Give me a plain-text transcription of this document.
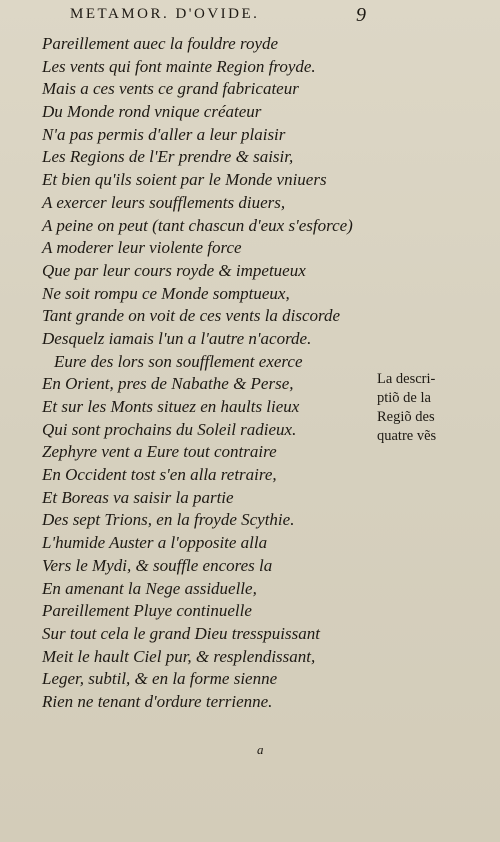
METAMOR. D'OVIDE.	9
Pareillement auec la fouldre royde
Les vents qui font mainte Region froyde.
Mais a ces vents ce grand fabricateur
Du Monde rond vnique créateur
N'a pas permis d'aller a leur plaisir
Les Regions de l'Er prendre & saisir,
Et bien qu'ils soient par le Monde vniuers
A exercer leurs soufflements diuers,
A peine on peut (tant chascun d'eux s'esforce)
A moderer leur violente force
Que par leur cours royde & impetueux
Ne soit rompu ce Monde somptueux,
Tant grande on voit de ces vents la discorde
Desquelz iamais l'un a l'autre n'acorde.
Eure des lors son soufflement exerce
En Orient, pres de Nabathe & Perse,
Et sur les Monts situez en haults lieux
Qui sont prochains du Soleil radieux.
Zephyre vent a Eure tout contraire
En Occident tost s'en alla retraire,
Et Boreas va saisir la partie
Des sept Trions, en la froyde Scythie.
L'humide Auster a l'opposite alla
Vers le Mydi, & souffle encores la
En amenant la Nege assiduelle,
Pareillement Pluye continuelle
Sur tout cela le grand Dieu tresspuissant
Meit le hault Ciel pur, & resplendissant,
Leger, subtil, & en la forme sienne
Rien ne tenant d'ordure terrienne.
La descri-
ptiõ de la
Regiõ des
quatre vẽs
a
